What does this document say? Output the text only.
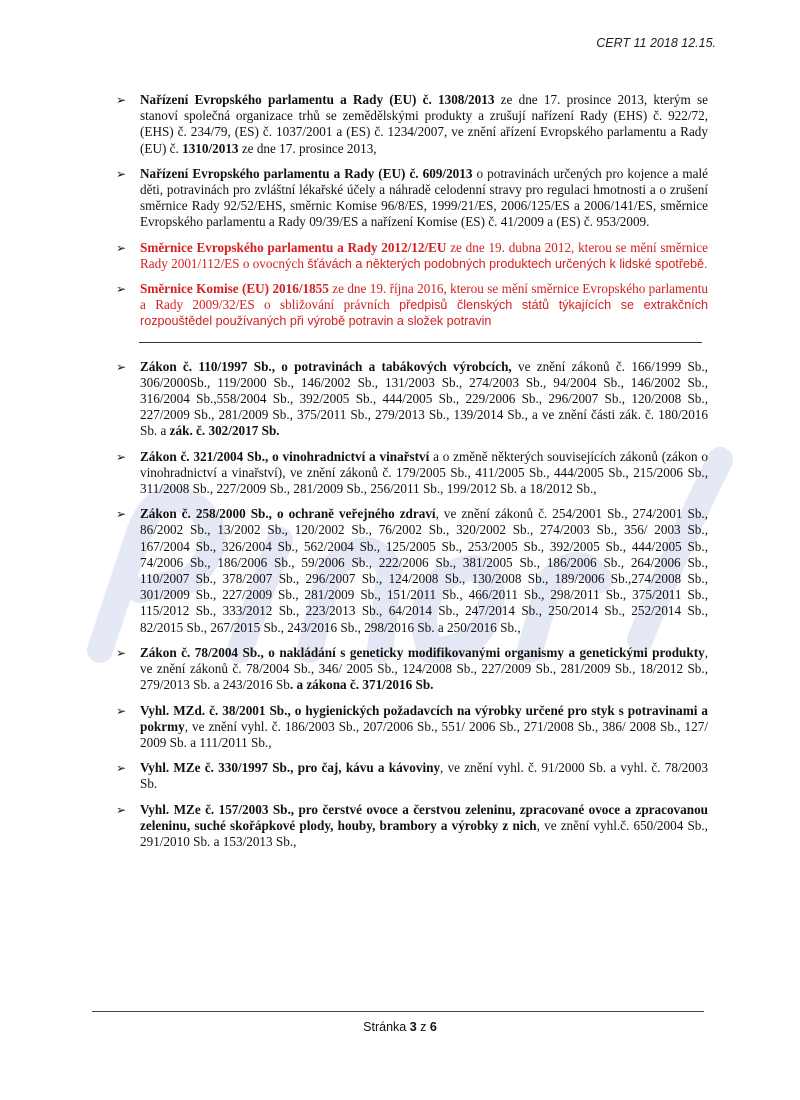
CERT 11 2018 12.15.
➢ Nařízení Evropského parlamentu a Rady (EU) č. 1308/2013 ze dne 17. prosince 2013, kterým se stanoví společná organizace trhů se zemědělskými produkty a zrušují nařízení Rady (EHS) č. 922/72, (EHS) č. 234/79, (ES) č. 1037/2001 a (ES) č. 1234/2007, ve znění ařízení Evropského parlamentu a Rady (EU) č. 1310/2013 ze dne 17. prosince 2013,
➢ Nařízení Evropského parlamentu a Rady (EU) č. 609/2013 o potravinách určených pro kojence a malé děti, potravinách pro zvláštní lékařské účely a náhradě celodenní stravy pro regulaci hmotnosti a o zrušení směrnice Rady 92/52/EHS, směrnic Komise 96/8/ES, 1999/21/ES, 2006/125/ES a 2006/141/ES, směrnice Evropského parlamentu a Rady 09/39/ES a nařízení Komise (ES) č. 41/2009 a (ES) č. 953/2009.
➢ Směrnice Evropského parlamentu a Rady 2012/12/EU ze dne 19. dubna 2012, kterou se mění směrnice Rady 2001/112/ES o ovocných šťávách a některých podobných produktech určených k lidské spotřebě.
➢ Směrnice Komise (EU) 2016/1855 ze dne 19. října 2016, kterou se mění směrnice Evropského parlamentu a Rady 2009/32/ES o sbližování právních předpisů členských států týkajících se extrakčních rozpouštědel používaných při výrobě potravin a složek potravin
➢ Zákon č. 110/1997 Sb., o potravinách a tabákových výrobcích, ve znění zákonů č. 166/1999 Sb., 306/2000Sb., 119/2000 Sb., 146/2002 Sb., 131/2003 Sb., 274/2003 Sb., 94/2004 Sb., 146/2002 Sb., 316/2004 Sb.,558/2004 Sb., 392/2005 Sb., 444/2005 Sb., 229/2006 Sb., 296/2007 Sb., 120/2008 Sb., 227/2009 Sb., 281/2009 Sb., 375/2011 Sb., 279/2013 Sb., 139/2014 Sb., a ve znění části zák. č. 180/2016 Sb. a zák. č. 302/2017 Sb.
➢ Zákon č. 321/2004 Sb., o vinohradnictví a vinařství a o změně některých souvisejících zákonů (zákon o vinohradnictví a vinařství), ve znění zákonů č. 179/2005 Sb., 411/2005 Sb., 444/2005 Sb., 215/2006 Sb., 311/2008 Sb., 227/2009 Sb., 281/2009 Sb., 256/2011 Sb., 199/2012 Sb. a 18/2012 Sb.,
➢ Zákon č. 258/2000 Sb., o ochraně veřejného zdraví, ve znění zákonů č. 254/2001 Sb., 274/2001 Sb., 86/2002 Sb., 13/2002 Sb., 120/2002 Sb., 76/2002 Sb., 320/2002 Sb., 274/2003 Sb., 356/ 2003 Sb., 167/2004 Sb., 326/2004 Sb., 562/2004 Sb., 125/2005 Sb., 253/2005 Sb., 392/2005 Sb., 444/2005 Sb., 74/2006 Sb., 186/2006 Sb., 59/2006 Sb., 222/2006 Sb., 381/2005 Sb., 186/2006 Sb., 264/2006 Sb., 110/2007 Sb., 378/2007 Sb., 296/2007 Sb., 124/2008 Sb., 130/2008 Sb., 189/2006 Sb.,274/2008 Sb., 301/2009 Sb., 227/2009 Sb., 281/2009 Sb., 151/2011 Sb., 466/2011 Sb., 298/2011 Sb., 375/2011 Sb., 115/2012 Sb., 333/2012 Sb., 223/2013 Sb., 64/2014 Sb., 247/2014 Sb., 250/2014 Sb., 252/2014 Sb., 82/2015 Sb., 267/2015 Sb., 243/2016 Sb., 298/2016 Sb. a 250/2016 Sb.,
➢ Zákon č. 78/2004 Sb., o nakládání s geneticky modifikovanými organismy a genetickými produkty, ve znění zákonů č. 78/2004 Sb., 346/ 2005 Sb., 124/2008 Sb., 227/2009 Sb., 281/2009 Sb., 18/2012 Sb., 279/2013 Sb. a 243/2016 Sb. a zákona č. 371/2016 Sb.
➢ Vyhl. MZd. č. 38/2001 Sb., o hygienických požadavcích na výrobky určené pro styk s potravinami a pokrmy, ve znění vyhl. č. 186/2003 Sb., 207/2006 Sb., 551/ 2006 Sb., 271/2008 Sb., 386/ 2008 Sb., 127/ 2009 Sb. a 111/2011 Sb.,
➢ Vyhl. MZe č. 330/1997 Sb., pro čaj, kávu a kávoviny, ve znění vyhl. č. 91/2000 Sb. a vyhl. č. 78/2003 Sb.
➢ Vyhl. MZe č. 157/2003 Sb., pro čerstvé ovoce a čerstvou zeleninu, zpracované ovoce a zpracovanou zeleninu, suché skořápkové plody, houby, brambory a výrobky z nich, ve znění vyhl.č. 650/2004 Sb., 291/2010 Sb. a 153/2013 Sb.,
Stránka 3 z 6
